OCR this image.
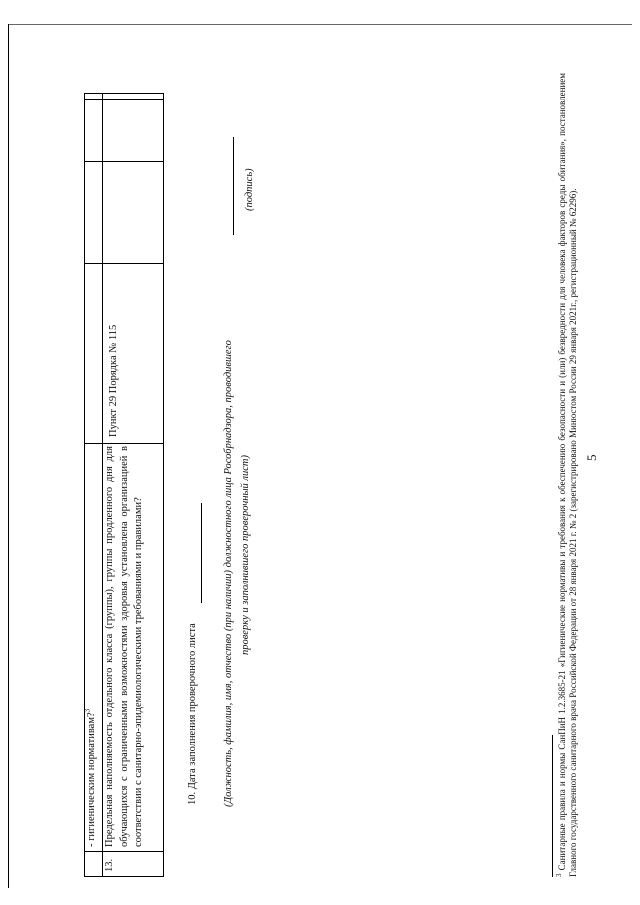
5
	- гигиеническим нормативам?$^3$				
13.	Предельная наполняемость отдельного класса (группы), группы продленного дня для обучающихся с ограниченными возможностями здоровья установлена организацией в соответствии с санитарно-эпидемиологическими требованиями и правилами?	Пункт 29 Порядка № 115			
10. Дата заполнения проверочного листа (Должность, фамилия, имя, отчество (при наличии) должностного лица Рособрнадзора, проводившего проверку и заполнившего проверочный лист)
(подпись)
$^3$ Санитарные правила и нормы СанПиН 1.2.3685-21 «Гигиенические нормативы и требования к обеспечению безопасности и (или) безвредности для человека факторов среды обитания», постановлением Главного государственного санитарного врача Российской Федерации от 28 января 2021 г. № 2 (зарегистрировано Минюстом России 29 января 2021г., регистрационный № 62296).
